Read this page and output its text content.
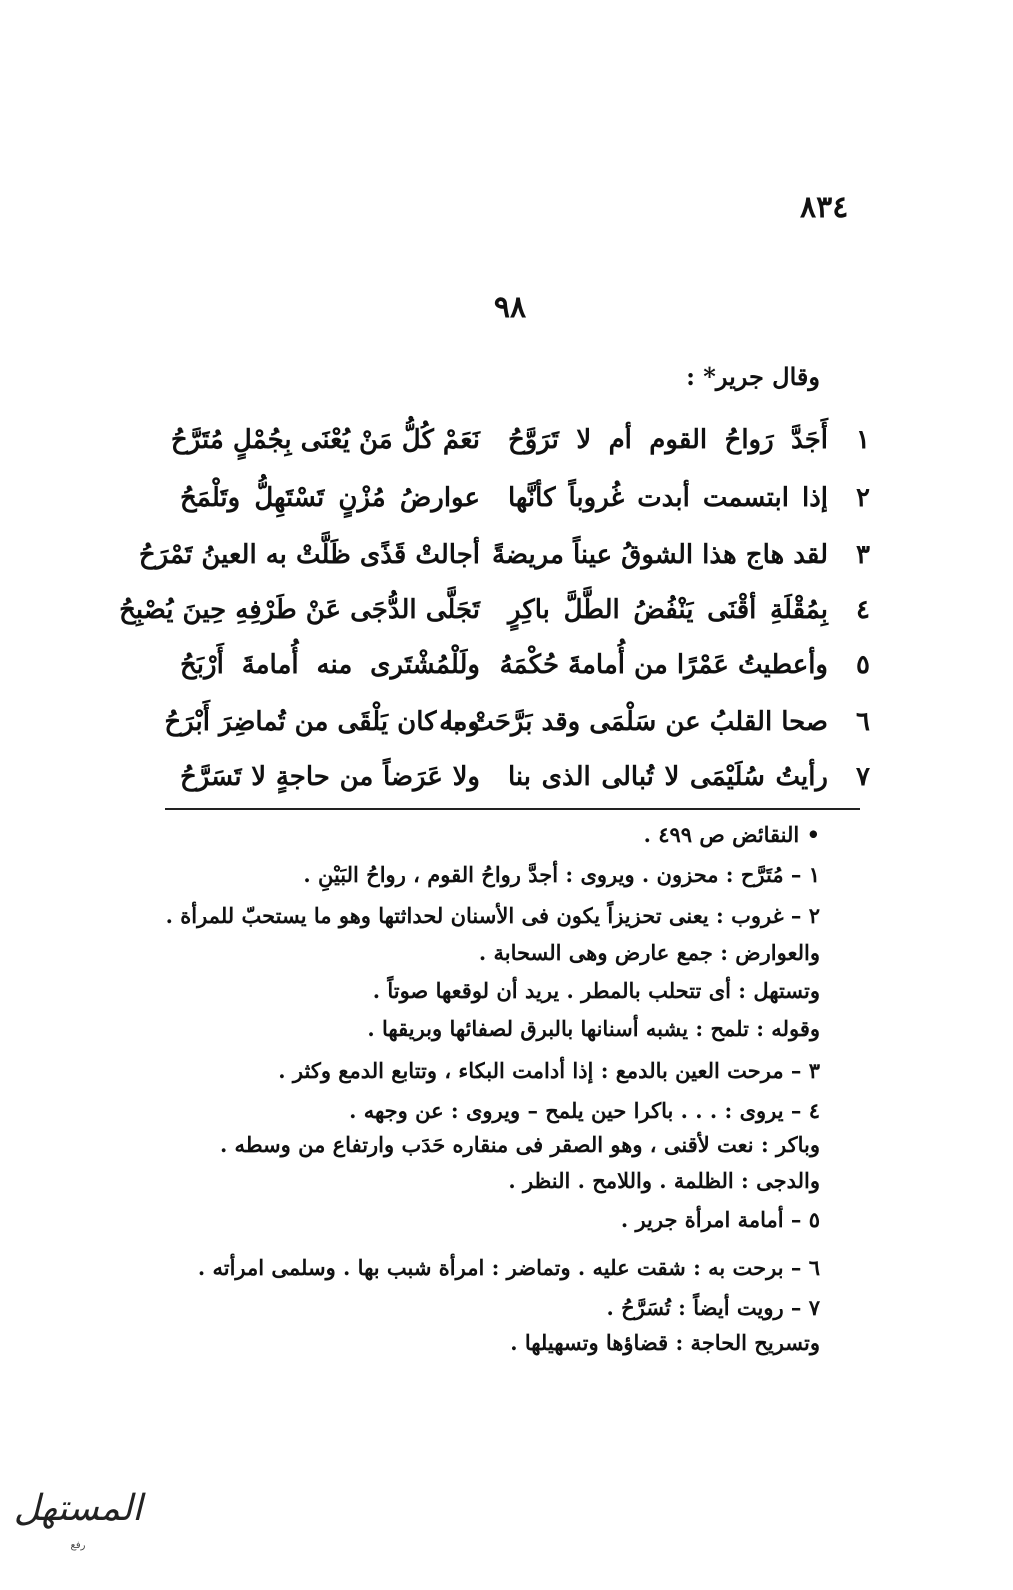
٨٣٤
٩٨
وقال جرير* :
١
أَجَدَّ رَواحُ القوم أم لا تَرَوَّحُ
نَعَمْ كُلُّ مَنْ يُعْنَى بِجُمْلٍ مُتَرَّحُ
٢
إذا ابتسمت أبدت غُروباً كأنَّها
عوارضُ مُزْنٍ تَسْتَهِلُّ وتَلْمَحُ
٣
لقد هاج هذا الشوقُ عيناً مريضةً
أجالتْ قَذًى ظَلَّتْ به العينُ تَمْرَحُ
٤
بِمُقْلَةِ أقْنَى يَنْفُضُ الطَّلَّ باكِرٍ
تَجَلَّى الدُّجَى عَنْ طَرْفِهِ حِينَ يُصْبِحُ
٥
وأعطيتُ عَمْرًا من أُمامةَ حُكْمَهُ
ولَلْمُشْتَرى منه أُمامةَ أَرْبَحُ
٦
صحا القلبُ عن سَلْمَى وقد بَرَّحَتْ به
وما كان يَلْقَى من تُماضِرَ أَبْرَحُ
٧
رأيتُ سُلَيْمَى لا تُبالى الذى بنا
ولا عَرَضاً من حاجةٍ لا تَسَرَّحُ
• النقائض ص ٤٩٩ .
١ – مُتَرَّح : محزون . ويروى : أجدَّ رواحُ القوم ، رواحُ البَيْنِ .
٢ – غروب : يعنى تحزيزاً يكون فى الأسنان لحداثتها وهو ما يستحبّ للمرأة .
والعوارض : جمع عارض وهى السحابة .
وتستهل : أى تتحلب بالمطر . يريد أن لوقعها صوتاً .
وقوله : تلمح : يشبه أسنانها بالبرق لصفائها وبريقها .
٣ – مرحت العين بالدمع : إذا أدامت البكاء ، وتتابع الدمع وكثر .
٤ – يروى : . . . باكرا حين يلمح – ويروى : عن وجهه .
وباكر : نعت لأقنى ، وهو الصقر فى منقاره حَدَب وارتفاع من وسطه .
والدجى : الظلمة . واللامح . النظر .
٥ – أمامة امرأة جرير .
٦ – برحت به : شقت عليه . وتماضر : امرأة شبب بها . وسلمى امرأته .
٧ – رويت أيضاً : تُسَرَّحُ .
وتسريح الحاجة : قضاؤها وتسهيلها .
المستهل
رفع
